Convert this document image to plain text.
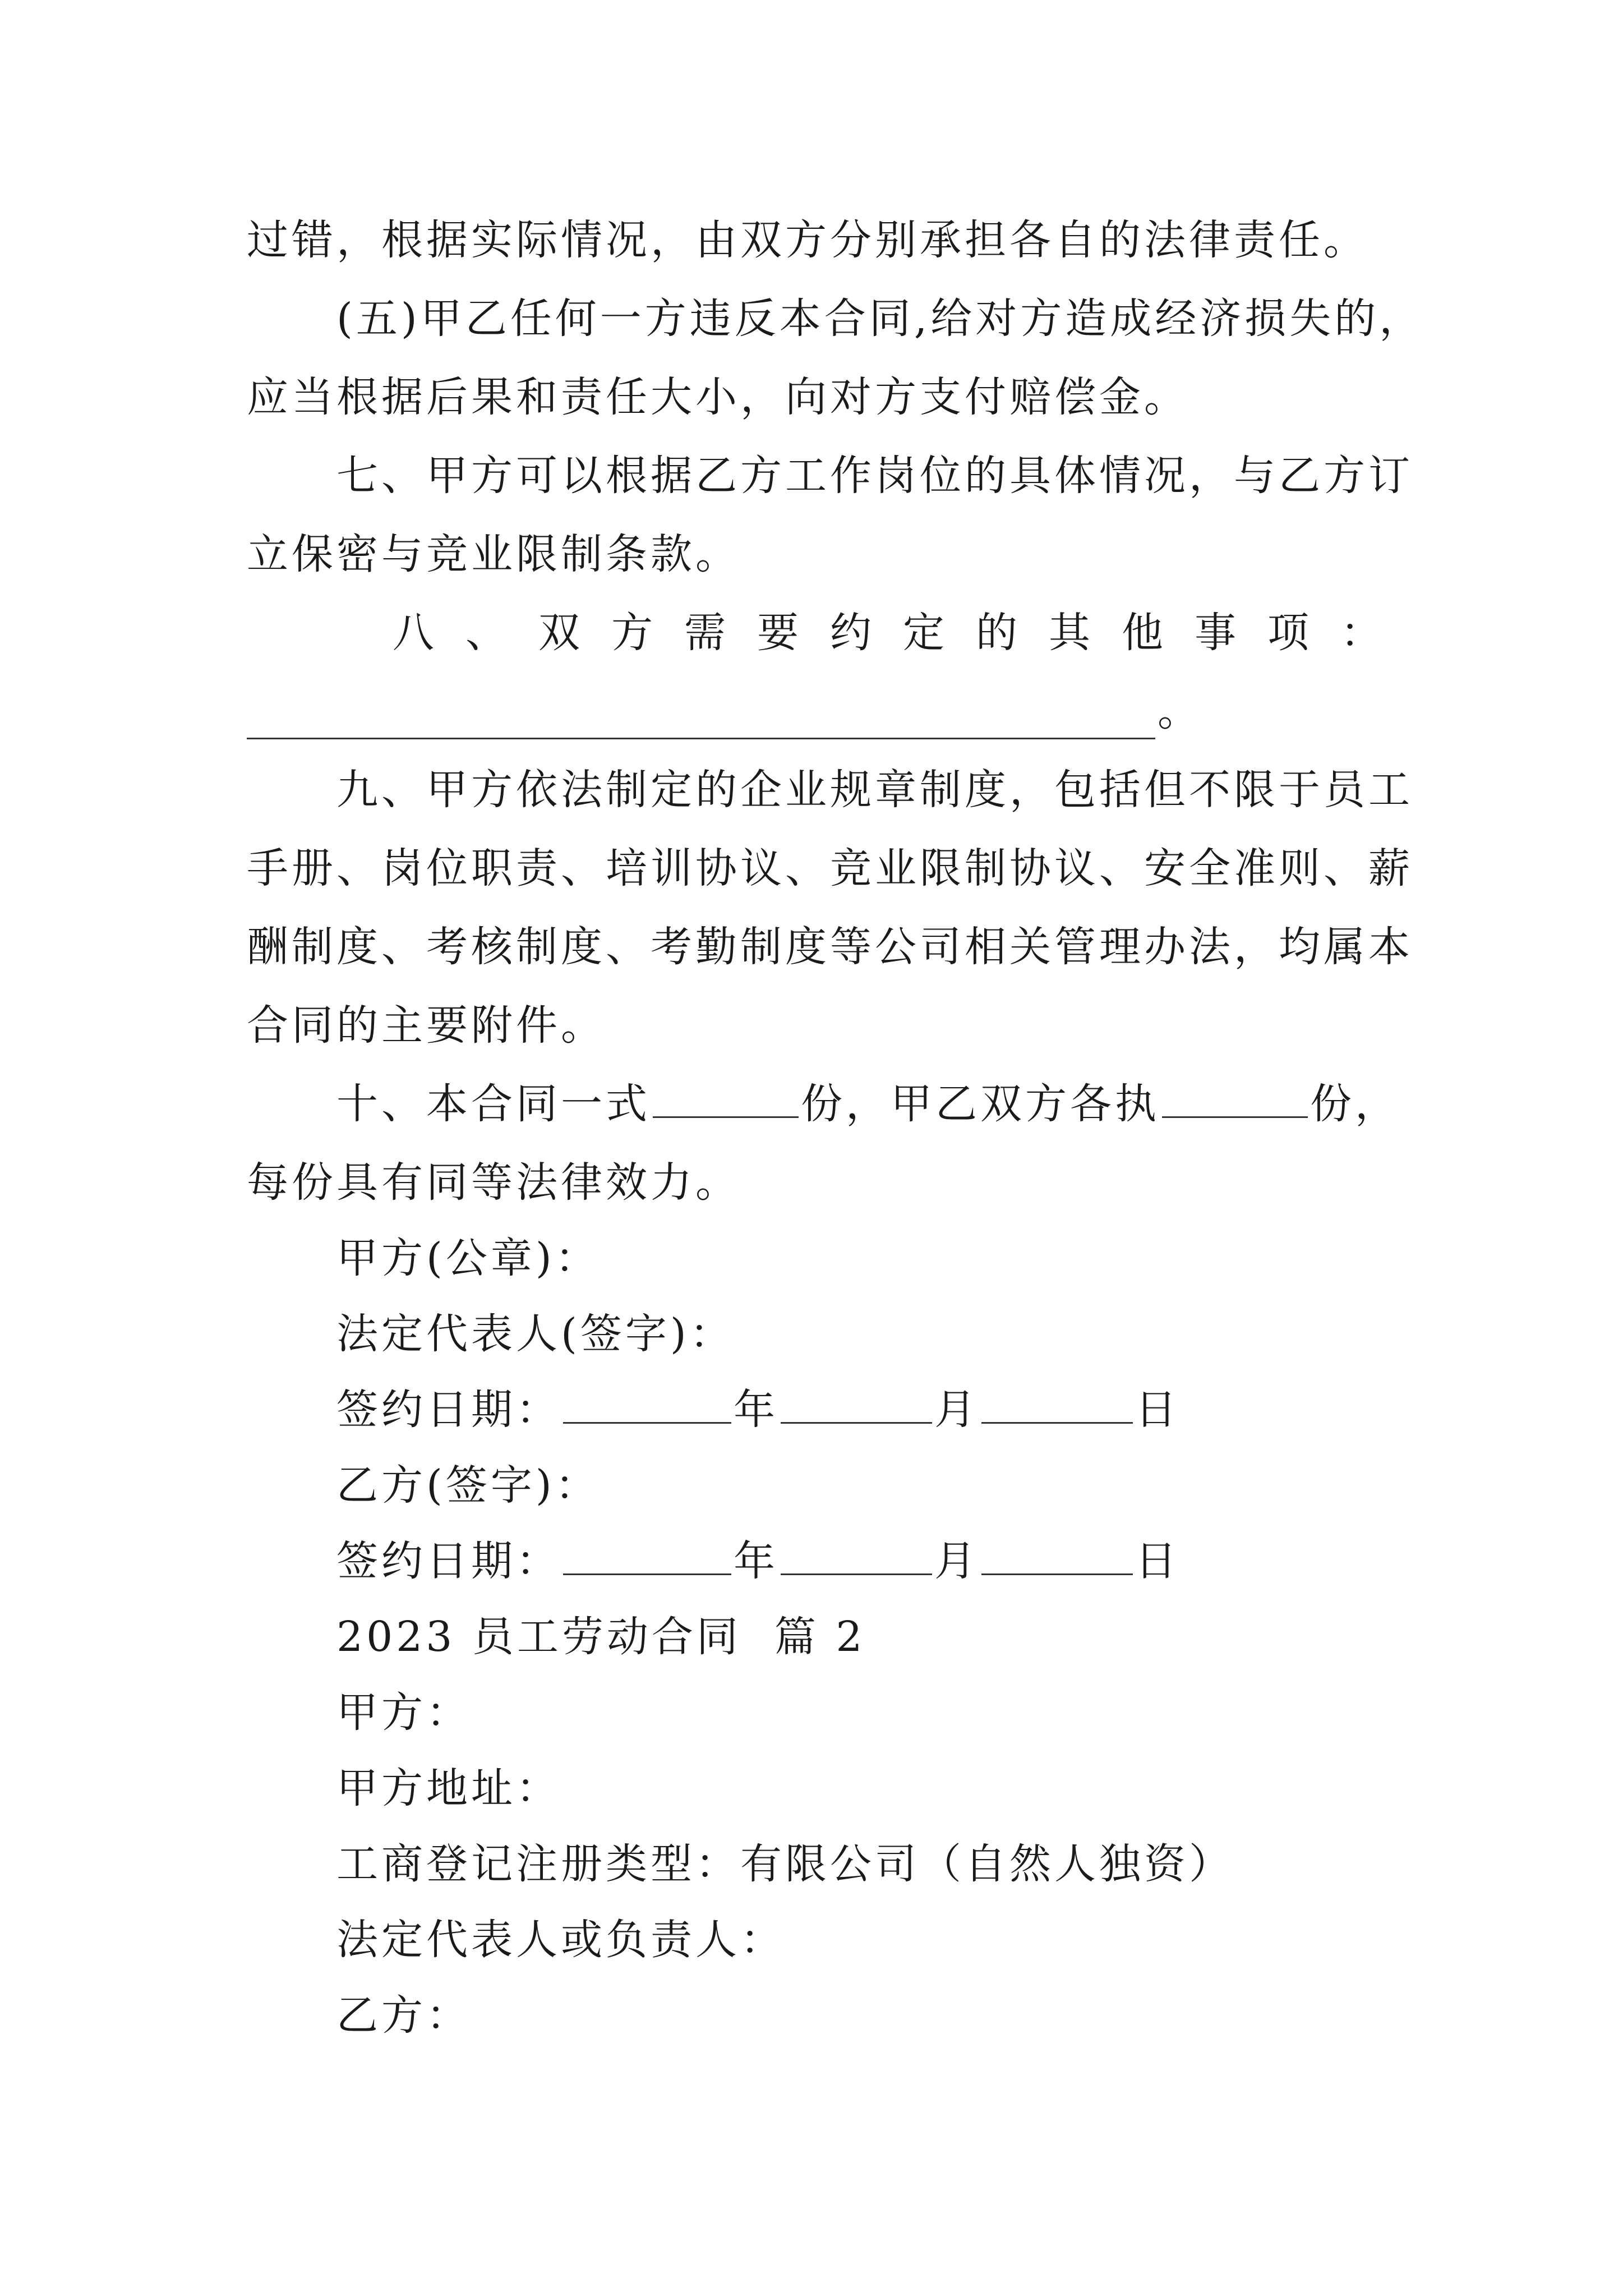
过错，根据实际情况，由双方分别承担各自的法律责任。
(五)甲乙任何一方违反本合同,给对方造成经济损失的，
应当根据后果和责任大小，向对方支付赔偿金。
七、甲方可以根据乙方工作岗位的具体情况，与乙方订
立保密与竞业限制条款。
八 、 双 方 需 要 约 定 的 其 他 事 项 ：
。
九、甲方依法制定的企业规章制度，包括但不限于员工
手册、岗位职责、培训协议、竞业限制协议、安全准则、薪
酬制度、考核制度、考勤制度等公司相关管理办法，均属本
合同的主要附件。
十、本合同一式	份，甲乙双方各执	份，
每份具有同等法律效力。
甲方(公章)：
法定代表人(签字)：
签约日期：	年	月	日
乙方(签字)：
签约日期：	年	月	日
2023 员工劳动合同  篇 2
甲方：
甲方地址：
工商登记注册类型：有限公司（自然人独资）
法定代表人或负责人：
乙方：
